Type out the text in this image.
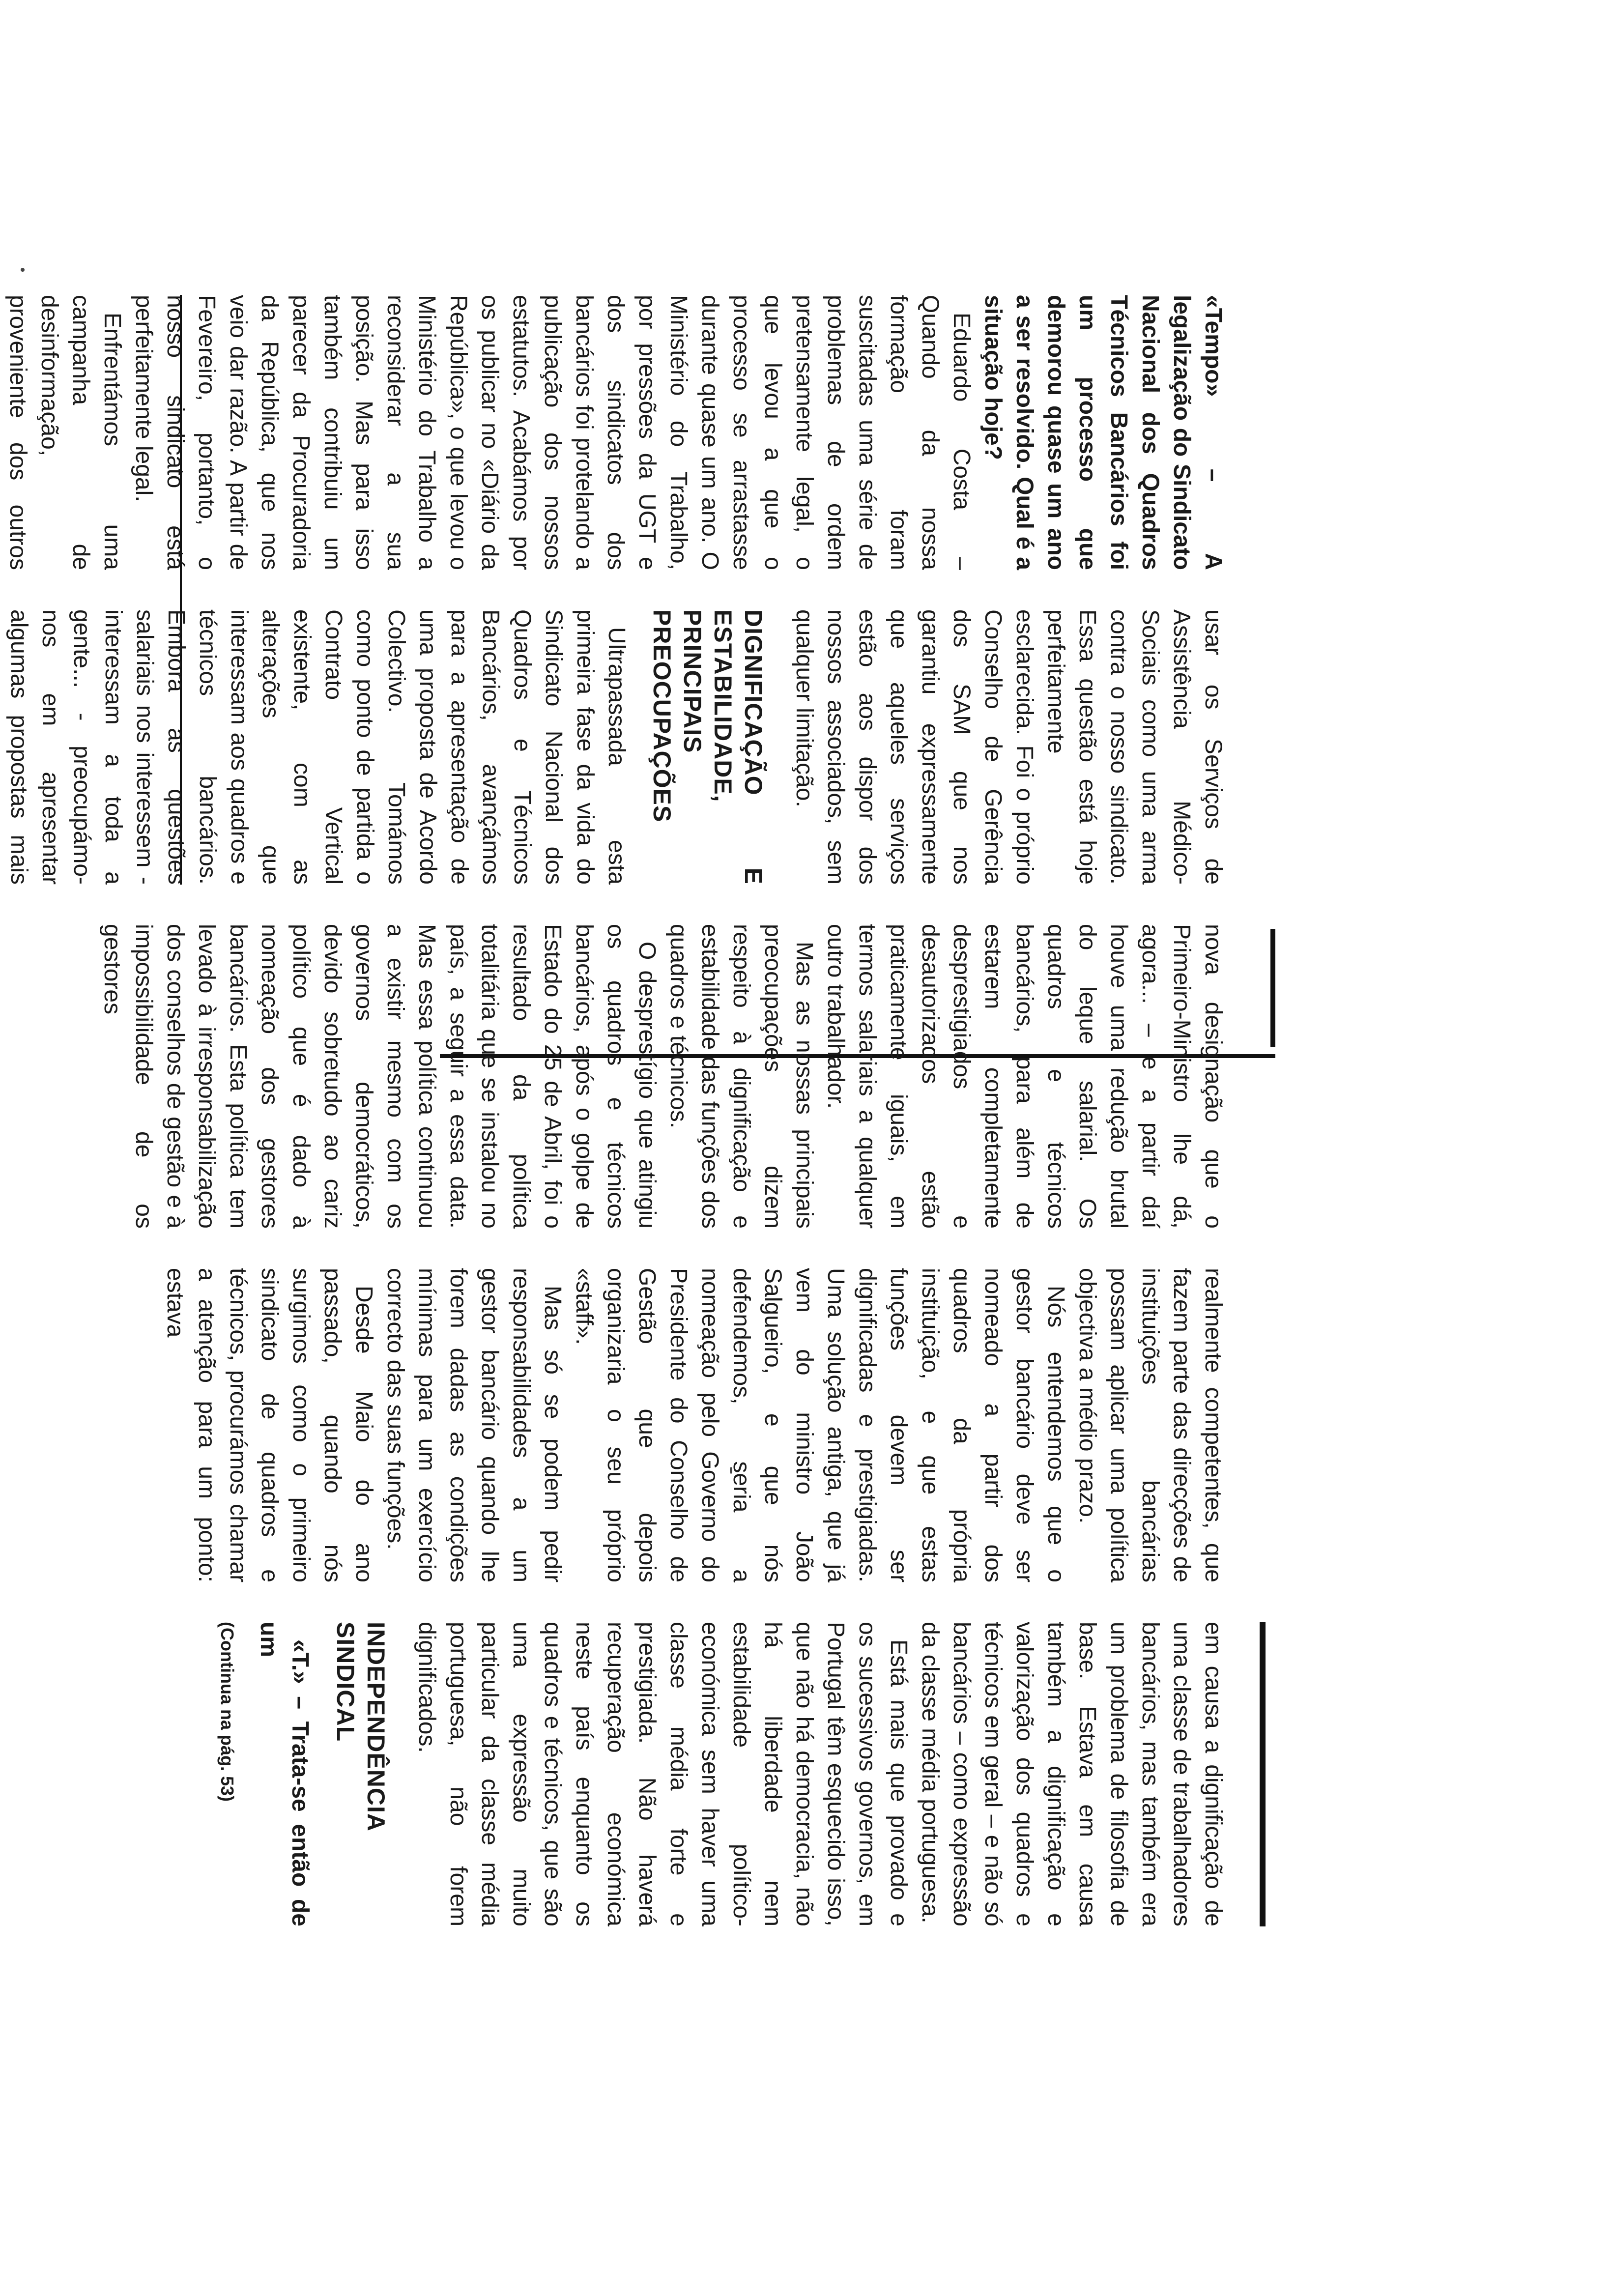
«Tempo» – A legalização do Sindicato Nacional dos Quadros Técnicos Bancários foi um processo que demorou quase um ano a ser resolvido. Qual é a situação hoje?

Eduardo Costa – Quando da nossa formação foram suscitadas uma série de problemas de ordem pretensamente legal, o que levou a que o processo se arrastasse durante quase um ano. O Ministério do Trabalho, por pressões da UGT e dos sindicatos dos bancários foi protelando a publicação dos nossos estatutos. Acabámos por os publicar no «Diário da República», o que levou o Ministério do Trabalho a reconsiderar a sua posição. Mas para isso também contribuiu um parecer da Procuradoria da República, que nos veio dar razão. A partir de Fevereiro, portanto, o nosso sindicato está perfeitamente legal.

Enfrentámos uma campanha de desinformação, proveniente dos outros

usar os Serviços de Assistência Médico-Sociais como uma arma contra o nosso sindicato. Essa questão está hoje perfeitamente esclarecida. Foi o próprio Conselho de Gerência dos SAM que nos garantiu expressamente que aqueles serviços estão aos dispor dos nossos associados, sem qualquer limitação.

DIGNIFICAÇÃO E ESTABILIDADE, PRINCIPAIS PREOCUPAÇÕES

Ultrapassada esta primeira fase da vida do Sindicato Nacional dos Quadros e Técnicos Bancários, avançámos para a apresentação de uma proposta de Acordo Colectivo. Tomámos como ponto de partida o Contrato Vertical existente, com as alterações que interessam aos quadros e técnicos bancários. Embora as questões salariais nos interessem - interessam a toda a gente... - preocupámo-nos em apresentar algumas propostas mais

nova designação que o Primeiro-Ministro lhe dá, agora... – e a partir daí houve uma redução brutal do leque salarial. Os quadros e técnicos bancários, para além de estarem completamente desprestigiados e desautorizados estão praticamente iguais, em termos salariais a qualquer outro trabalhador.

Mas as nossas principais preocupações dizem respeito à dignificação e estabilidade das funções dos quadros e técnicos.

O desprestígio que atingiu os quadros e técnicos bancários, após o golpe de Estado do 25 de Abril, foi o resultado da política totalitária que se instalou no país, a seguir a essa data. Mas essa política continuou a existir mesmo com os governos democráticos, devido sobretudo ao cariz político que é dado à nomeação dos gestores bancários. Esta política tem levado à irresponsabilização dos conselhos de gestão e à impossibilidade de os gestores

realmente competentes, que fazem parte das direcções de instituições bancárias possam aplicar uma política objectiva a médio prazo.

Nós entendemos que o gestor bancário deve ser nomeado a partir dos quadros da própria instituição, e que estas funções devem ser dignificadas e prestigiadas. Uma solução antiga, que já vem do ministro João Salgueiro, e que nós defendemos, seria a nomeação pelo Governo do Presidente do Conselho de Gestão que depois organizaria o seu próprio «staff».

Mas só se podem pedir responsabilidades a um gestor bancário quando lhe forem dadas as condições mínimas para um exercício correcto das suas funções.

Desde Maio do ano passado, quando nós surgimos como o primeiro sindicato de quadros e técnicos, procurámos chamar a atenção para um ponto: estava

em causa a dignificação de uma classe de trabalhadores bancários, mas também era um problema de filosofia de base. Estava em causa também a dignificação e valorização dos quadros e técnicos em geral – e não só bancários – como expressão da classe média portuguesa.

Está mais que provado e os sucessivos governos, em Portugal têm esquecido isso, que não há democracia, não há liberdade nem estabilidade político-económica sem haver uma classe média forte e prestigiada. Não haverá recuperação económica neste país enquanto os quadros e técnicos, que são uma expressão muito particular da classe média portuguesa, não forem dignificados.

INDEPENDÊNCIA SINDICAL

«T.» – Trata-se então de um

(Continua na pág. 53)
